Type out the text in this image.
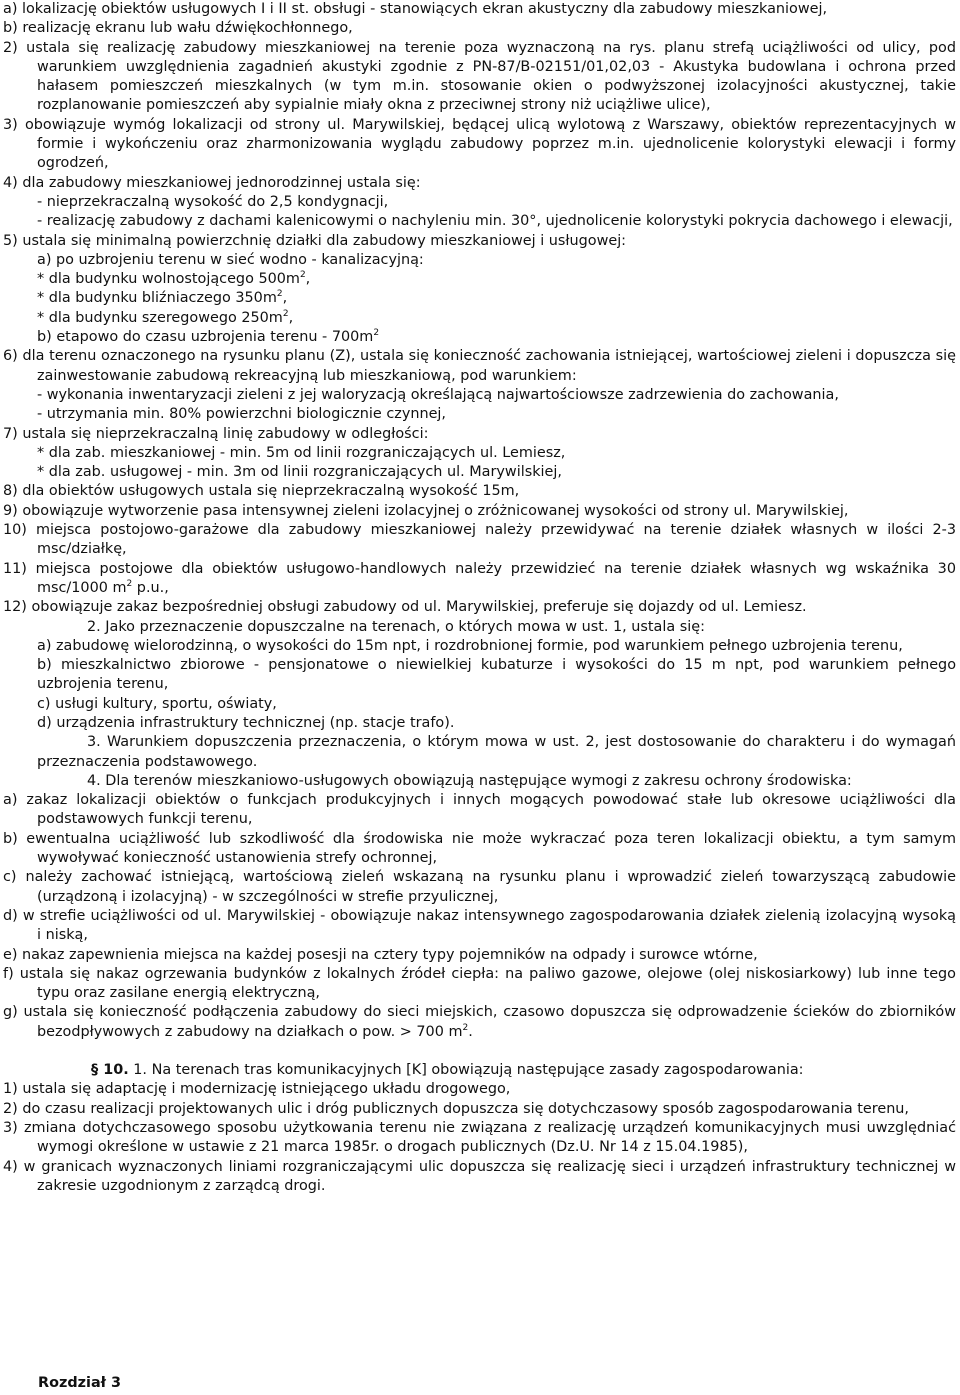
a) lokalizację obiektów usługowych I i II st. obsługi - stanowiących ekran akustyczny dla zabudowy mieszkaniowej,

b) realizację ekranu lub wału dźwiękochłonnego,

2) ustala się realizację zabudowy mieszkaniowej na terenie poza wyznaczoną na rys. planu strefą uciążliwości od ulicy, pod warunkiem uwzględnienia zagadnień akustyki zgodnie z PN-87/B-02151/01,02,03 - Akustyka budowlana i ochrona przed hałasem pomieszczeń mieszkalnych (w tym m.in. stosowanie okien o podwyższonej izolacyjności akustycznej, takie rozplanowanie pomieszczeń aby sypialnie miały okna z przeciwnej strony niż uciążliwe ulice),

3) obowiązuje wymóg lokalizacji od strony ul. Marywilskiej, będącej ulicą wylotową z Warszawy, obiektów reprezentacyjnych w formie i wykończeniu oraz zharmonizowania wyglądu zabudowy poprzez m.in. ujednolicenie kolorystyki elewacji i formy ogrodzeń,

4) dla zabudowy mieszkaniowej jednorodzinnej ustala się:

- nieprzekraczalną wysokość do 2,5 kondygnacji,

- realizację zabudowy z dachami kalenicowymi o nachyleniu min. 30°, ujednolicenie kolorystyki pokrycia dachowego i elewacji,

5) ustala się minimalną powierzchnię działki dla zabudowy mieszkaniowej i usługowej:

a) po uzbrojeniu terenu w sieć wodno - kanalizacyjną:

* dla budynku wolnostojącego $500m^2$,

* dla budynku bliźniaczego $350m^2$,

* dla budynku szeregowego $250m^2$,

b) etapowo do czasu uzbrojenia terenu - $700m^2$

6) dla terenu oznaczonego na rysunku planu (Z), ustala się konieczność zachowania istniejącej, wartościowej zieleni i dopuszcza się zainwestowanie zabudową rekreacyjną lub mieszkaniową, pod warunkiem:

- wykonania inwentaryzacji zieleni z jej waloryzacją określającą najwartościowsze zadrzewienia do zachowania,

- utrzymania min. 80% powierzchni biologicznie czynnej,

7) ustala się nieprzekraczalną linię zabudowy w odległości:

* dla zab. mieszkaniowej - min. 5m od linii rozgraniczających ul. Lemiesz,

* dla zab. usługowej - min. 3m od linii rozgraniczających ul. Marywilskiej,

8) dla obiektów usługowych ustala się nieprzekraczalną wysokość 15m,

9) obowiązuje wytworzenie pasa intensywnej zieleni izolacyjnej o zróżnicowanej wysokości od strony ul. Marywilskiej,

10) miejsca postojowo-garażowe dla zabudowy mieszkaniowej należy przewidywać na terenie działek własnych w ilości 2-3 msc/działkę,

11) miejsca postojowe dla obiektów usługowo-handlowych należy przewidzieć na terenie działek własnych wg wskaźnika 30 msc/1000 $m^2$ p.u.,

12) obowiązuje zakaz bezpośredniej obsługi zabudowy od ul. Marywilskiej, preferuje się dojazdy od ul. Lemiesz.

2. Jako przeznaczenie dopuszczalne na terenach, o których mowa w ust. 1, ustala się:

a) zabudowę wielorodzinną, o wysokości do 15m npt, i rozdrobnionej formie, pod warunkiem pełnego uzbrojenia terenu,

b) mieszkalnictwo zbiorowe - pensjonatowe o niewielkiej kubaturze i wysokości do 15 m npt, pod warunkiem pełnego uzbrojenia terenu,

c) usługi kultury, sportu, oświaty,

d) urządzenia infrastruktury technicznej (np. stacje trafo).

3. Warunkiem dopuszczenia przeznaczenia, o którym mowa w ust. 2, jest dostosowanie do charakteru i do wymagań przeznaczenia podstawowego.

4. Dla terenów mieszkaniowo-usługowych obowiązują następujące wymogi z zakresu ochrony środowiska:

a) zakaz lokalizacji obiektów o funkcjach produkcyjnych i innych mogących powodować stałe lub okresowe uciążliwości dla podstawowych funkcji terenu,

b) ewentualna uciążliwość lub szkodliwość dla środowiska nie może wykraczać poza teren lokalizacji obiektu, a tym samym wywoływać konieczność ustanowienia strefy ochronnej,

c) należy zachować istniejącą, wartościową zieleń wskazaną na rysunku planu i wprowadzić zieleń towarzyszącą zabudowie (urządzoną i izolacyjną) - w szczególności w strefie przyulicznej,

d) w strefie uciążliwości od ul. Marywilskiej - obowiązuje nakaz intensywnego zagospodarowania działek zielenią izolacyjną wysoką i niską,

e) nakaz zapewnienia miejsca na każdej posesji na cztery typy pojemników na odpady i surowce wtórne,

f) ustala się nakaz ogrzewania budynków z lokalnych źródeł ciepła: na paliwo gazowe, olejowe (olej niskosiarkowy) lub inne tego typu oraz zasilane energią elektryczną,

g) ustala się konieczność podłączenia zabudowy do sieci miejskich, czasowo dopuszcza się odprowadzenie ścieków do zbiorników bezodpływowych z zabudowy na działkach o pow. > 700 $m^2$.

§ 10. 1. Na terenach tras komunikacyjnych [K] obowiązują następujące zasady zagospodarowania:

1) ustala się adaptację i modernizację istniejącego układu drogowego,

2) do czasu realizacji projektowanych ulic i dróg publicznych dopuszcza się dotychczasowy sposób zagospodarowania terenu,

3) zmiana dotychczasowego sposobu użytkowania terenu nie związana z realizację urządzeń komunikacyjnych musi uwzględniać wymogi określone w ustawie z 21 marca 1985r. o drogach publicznych (Dz.U. Nr 14 z 15.04.1985),

4) w granicach wyznaczonych liniami rozgraniczającymi ulic dopuszcza się realizację sieci i urządzeń infrastruktury technicznej w zakresie uzgodnionym z zarządcą drogi.

Rozdział 3
